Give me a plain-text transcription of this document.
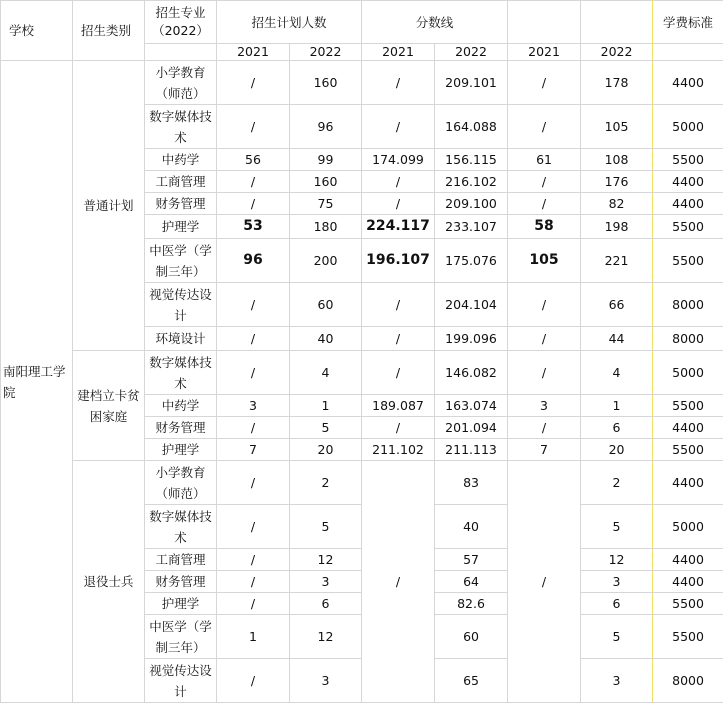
学校	招生类别	招生专业（2022）	招生计划人数		分数线				学费标准
			2021	2022	2021	2022	2021	2022	
南阳理工学院	普通计划	小学教育（师范）	/	160	/	209.101	/	178	4400
		数字媒体技术	/	96	/	164.088	/	105	5000
		中药学	56	99	174.099	156.115	61	108	5500
		工商管理	/	160	/	216.102	/	176	4400
		财务管理	/	75	/	209.100	/	82	4400
		护理学	53	180	224.117	233.107	58	198	5500
		中医学（学制三年）	96	200	196.107	175.076	105	221	5500
		视觉传达设计	/	60	/	204.104	/	66	8000
		环境设计	/	40	/	199.096	/	44	8000
	建档立卡贫困家庭	数字媒体技术	/	4	/	146.082	/	4	5000
		中药学	3	1	189.087	163.074	3	1	5500
		财务管理	/	5	/	201.094	/	6	4400
		护理学	7	20	211.102	211.113	7	20	5500
	退役士兵	小学教育（师范）	/	2	/	83	/	2	4400
		数字媒体技术	/	5		40		5	5000
		工商管理	/	12		57		12	4400
		财务管理	/	3		64		3	4400
		护理学	/	6		82.6		6	5500
		中医学（学制三年）	1	12		60		5	5500
		视觉传达设计	/	3		65		3	8000
